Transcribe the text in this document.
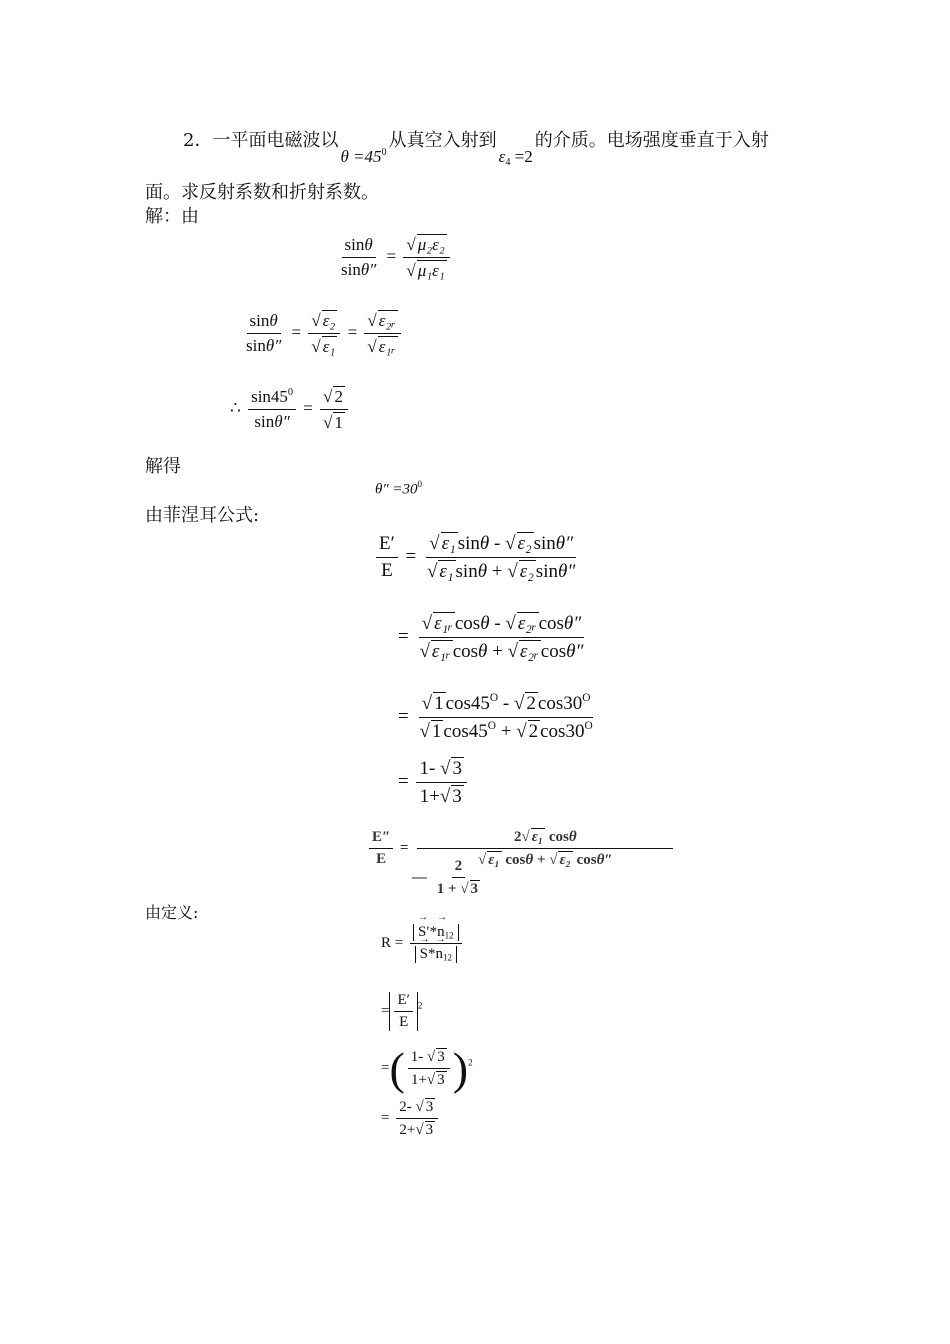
2．一平面电磁波以$\theta =45^0$从真空入射到$\varepsilon_4 =2$的介质。电场强度垂直于入射
面。求反射系数和折射系数。
解：由
$\frac{\sin\theta}{\sin\theta''} = \frac{\text{√ μ₂ε₂}}{\text{√ μ₁ε₁}}$
$\frac{\sin\theta}{\sin\theta''} = \frac{\text{√ ε₂}}{\text{√ ε₁}} = \frac{\text{√ ε₂ᵣ}}{\text{√ ε₁ᵣ}}$
∴ $\frac{\sin 45^0}{\sin\theta''} = \frac{√ 2}{√ 1}$
解得
$\theta'' =30^0$
由菲涅耳公式:
$\frac{E'}{E} = \frac{\text{√ ε₁ sinθ - √ ε₂ sinθ″}}{\text{√ ε₁ sinθ + √ ε₂ sinθ″}}$
= $\frac{\text{√ ε₁ᵣ cosθ - √ ε₂ᵣ cosθ″}}{\text{√ ε₁ᵣ cosθ + √ ε₂ᵣ cosθ″}}$
= $\frac{√ 1 \cos 45^O - √ 2 \cos 30^O}{√ 1 \cos 45^O + √ 2 \cos 30^O}$
= $\frac{1- √ 3}{1+√ 3}$
$\frac{E''}{E} = \frac{\text{2√ ε₁ cosθ}}{\text{√ ε₁ cosθ + √ ε₂ cosθ″}}$
— $\frac{2}{1 + √ 3}$
由定义:
$R = \frac{S' \to*n \to_{12}}{S \to*n \to_{12}}$
= $\frac{E'}{E} ^2$
=( $\frac{1- √ 3}{1+√ 3} )^2$
= $\frac{2- √ 3}{2+√ 3}$
